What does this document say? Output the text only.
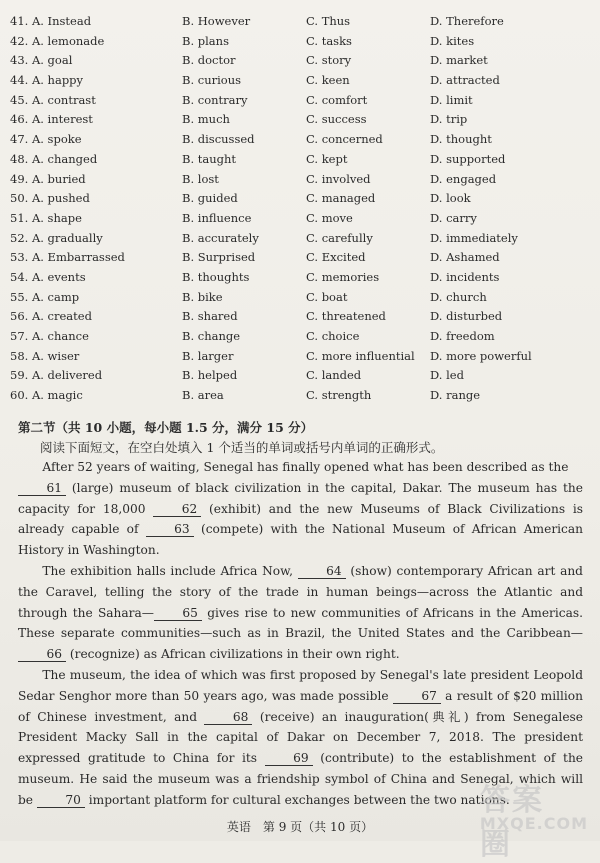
41. A. Instead	B. However	C. Thus	D. Therefore
42. A. lemonade	B. plans	C. tasks	D. kites
43. A. goal	B. doctor	C. story	D. market
44. A. happy	B. curious	C. keen	D. attracted
45. A. contrast	B. contrary	C. comfort	D. limit
46. A. interest	B. much	C. success	D. trip
47. A. spoke	B. discussed	C. concerned	D. thought
48. A. changed	B. taught	C. kept	D. supported
49. A. buried	B. lost	C. involved	D. engaged
50. A. pushed	B. guided	C. managed	D. look
51. A. shape	B. influence	C. move	D. carry
52. A. gradually	B. accurately	C. carefully	D. immediately
53. A. Embarrassed	B. Surprised	C. Excited	D. Ashamed
54. A. events	B. thoughts	C. memories	D. incidents
55. A. camp	B. bike	C. boat	D. church
56. A. created	B. shared	C. threatened	D. disturbed
57. A. chance	B. change	C. choice	D. freedom
58. A. wiser	B. larger	C. more influential D. more powerful
59. A. delivered	B. helped	C. landed	D. led
60. A. magic	B. area	C. strength	D. range
第二节（共 10 小题，每小题 1.5 分，满分 15 分）
阅读下面短文，在空白处填入 1 个适当的单词或括号内单词的正确形式。

After 52 years of waiting, Senegal has finally opened what has been described as the
61 (large) museum of black civilization in the capital, Dakar. The museum has the capacity for 18,000 62 (exhibit) and the new Museums of Black Civilizations is already capable of 63 (compete) with the National Museum of African American History in Washington.

The exhibition halls include Africa Now, 64 (show) contemporary African art and the Caravel, telling the story of the trade in human beings—across the Atlantic and through the Sahara— 65 gives rise to new communities of Africans in the Americas. These separate communities—such as in Brazil, the United States and the Caribbean—66 (recognize) as African civilizations in their own right.

The museum, the idea of which was first proposed by Senegal's late president Leopold Sedar Senghor more than 50 years ago, was made possible 67 a result of $20 million of Chinese investment, and 68 (receive) an inauguration(典礼) from Senegalese President Macky Sall in the capital of Dakar on December 7, 2018. The president expressed gratitude to China for its 69 (contribute) to the establishment of the museum. He said the museum was a friendship symbol of China and Senegal, which will be 70 important platform for cultural exchanges between the two nations.

英语　第 9 页（共 10 页）
答案圈
MXQE.COM
